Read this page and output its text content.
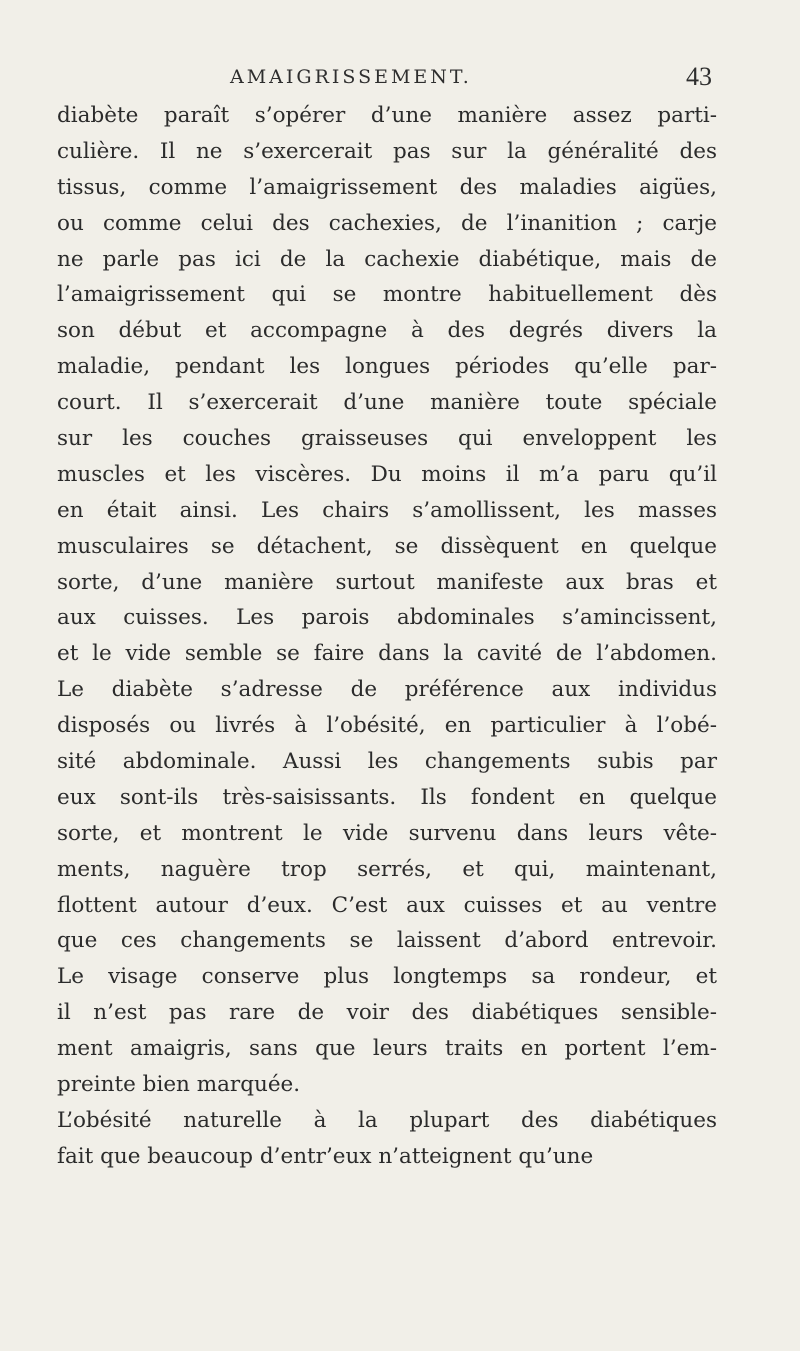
AMAIGRISSEMENT.	43
diabète paraît s’opérer d’une manière assez parti-
culière. Il ne s’exercerait pas sur la généralité des
tissus, comme l’amaigrissement des maladies aigües,
ou comme celui des cachexies, de l’inanition ; carje
ne parle pas ici de la cachexie diabétique, mais de
l’amaigrissement qui se montre habituellement dès
son début et accompagne à des degrés divers la
maladie, pendant les longues périodes qu’elle par-
court. Il s’exercerait d’une manière toute spéciale
sur les couches graisseuses qui enveloppent les
muscles et les viscères. Du moins il m’a paru qu’il
en était ainsi. Les chairs s’amollissent, les masses
musculaires se détachent, se dissèquent en quelque
sorte, d’une manière surtout manifeste aux bras et
aux cuisses. Les parois abdominales s’amincissent,
et le vide semble se faire dans la cavité de l’abdomen.
Le diabète s’adresse de préférence aux individus
disposés ou livrés à l’obésité, en particulier à l’obé-
sité abdominale. Aussi les changements subis par
eux sont-ils très-saisissants. Ils fondent en quelque
sorte, et montrent le vide survenu dans leurs vête-
ments, naguère trop serrés, et qui, maintenant,
flottent autour d’eux. C’est aux cuisses et au ventre
que ces changements se laissent d’abord entrevoir.
Le visage conserve plus longtemps sa rondeur, et
il n’est pas rare de voir des diabétiques sensible-
ment amaigris, sans que leurs traits en portent l’em-
preinte bien marquée.
L’obésité naturelle à la plupart des diabétiques
fait que beaucoup d’entr’eux n’atteignent qu’une
